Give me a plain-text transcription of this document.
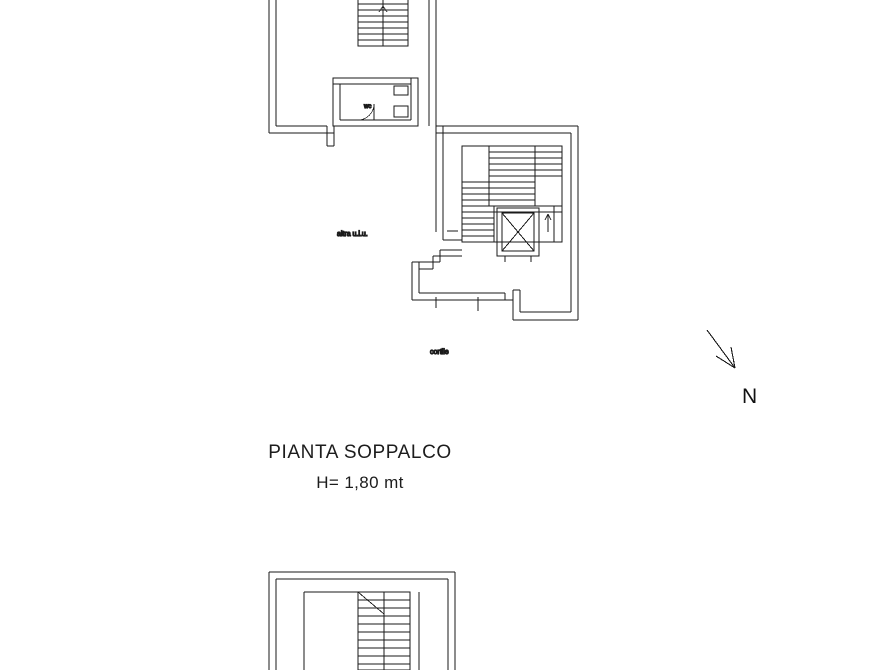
wc
altra u.i.u.
cortile
PIANTA SOPPALCO
H= 1,80 mt
N
